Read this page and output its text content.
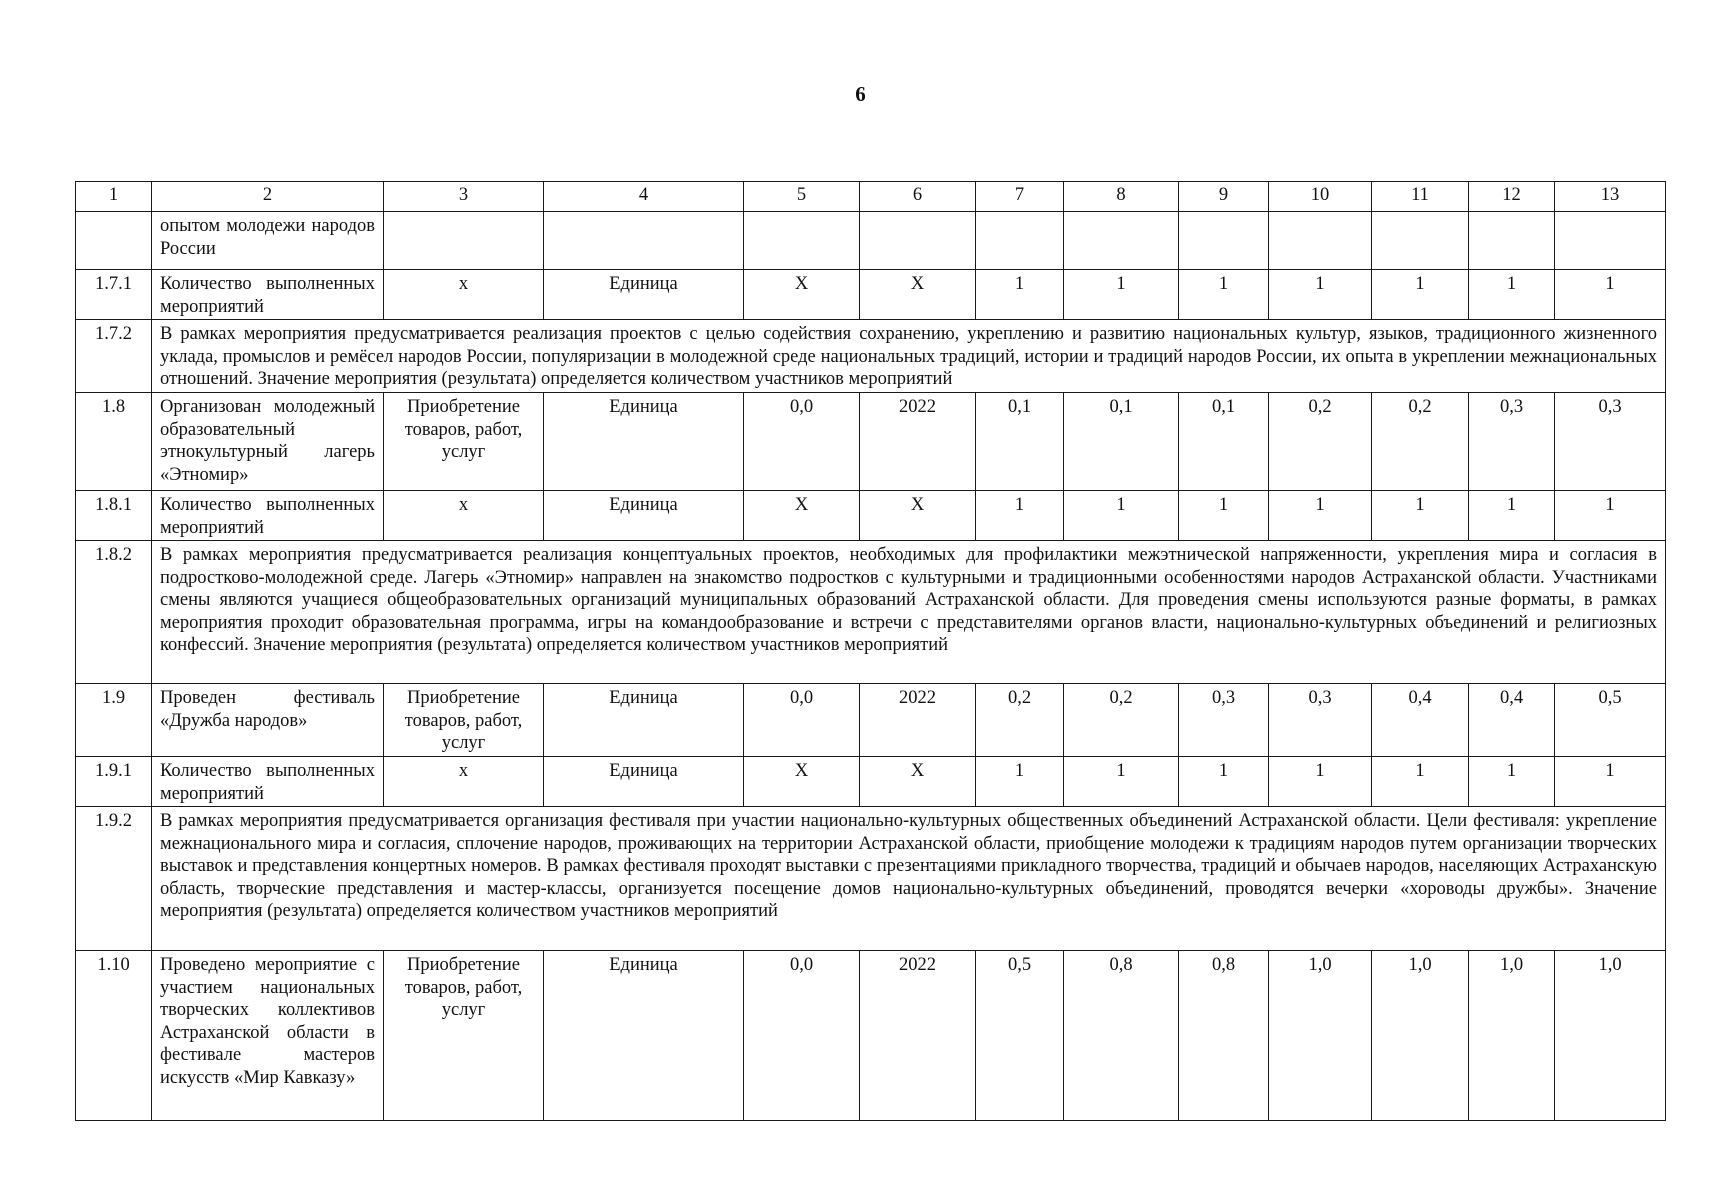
6
1	2	3	4	5	6	7	8	9	10	11	12	13
	опытом молодежи народов России											
1.7.1	Количество выполненных мероприятий	х	Единица	Х	Х	1	1	1	1	1	1	1
1.7.2	В рамках мероприятия предусматривается реализация проектов с целью содействия сохранению, укреплению и развитию национальных культур, языков, традиционного жизненного уклада, промыслов и ремёсел народов России, популяризации в молодежной среде национальных традиций, истории и традиций народов России, их опыта в укреплении межнациональных отношений. Значение мероприятия (результата) определяется количеством участников мероприятий											
1.8	Организован молодежный образовательный этнокультурный лагерь «Этномир»	Приобретение товаров, работ, услуг	Единица	0,0	2022	0,1	0,1	0,1	0,2	0,2	0,3	0,3
1.8.1	Количество выполненных мероприятий	х	Единица	Х	Х	1	1	1	1	1	1	1
1.8.2	В рамках мероприятия предусматривается реализация концептуальных проектов, необходимых для профилактики межэтнической напряженности, укрепления мира и согласия в подростково-молодежной среде. Лагерь «Этномир» направлен на знакомство подростков с культурными и традиционными особенностями народов Астраханской области. Участниками смены являются учащиеся общеобразовательных организаций муниципальных образований Астраханской области. Для проведения смены используются разные форматы, в рамках мероприятия проходит образовательная программа, игры на командообразование и встречи с представителями органов власти, национально-культурных объединений и религиозных конфессий. Значение мероприятия (результата) определяется количеством участников мероприятий											
1.9	Проведен фестиваль «Дружба народов»	Приобретение товаров, работ, услуг	Единица	0,0	2022	0,2	0,2	0,3	0,3	0,4	0,4	0,5
1.9.1	Количество выполненных мероприятий	х	Единица	Х	Х	1	1	1	1	1	1	1
1.9.2	В рамках мероприятия предусматривается организация фестиваля при участии национально-культурных общественных объединений Астраханской области. Цели фестиваля: укрепление межнационального мира и согласия, сплочение народов, проживающих на территории Астраханской области, приобщение молодежи к традициям народов путем организации творческих выставок и представления концертных номеров. В рамках фестиваля проходят выставки с презентациями прикладного творчества, традиций и обычаев народов, населяющих Астраханскую область, творческие представления и мастер-классы, организуется посещение домов национально-культурных объединений, проводятся вечерки «хороводы дружбы». Значение мероприятия (результата) определяется количеством участников мероприятий											
1.10	Проведено мероприятие с участием национальных творческих коллективов Астраханской области в фестивале мастеров искусств «Мир Кавказу»	Приобретение товаров, работ, услуг	Единица	0,0	2022	0,5	0,8	0,8	1,0	1,0	1,0	1,0
